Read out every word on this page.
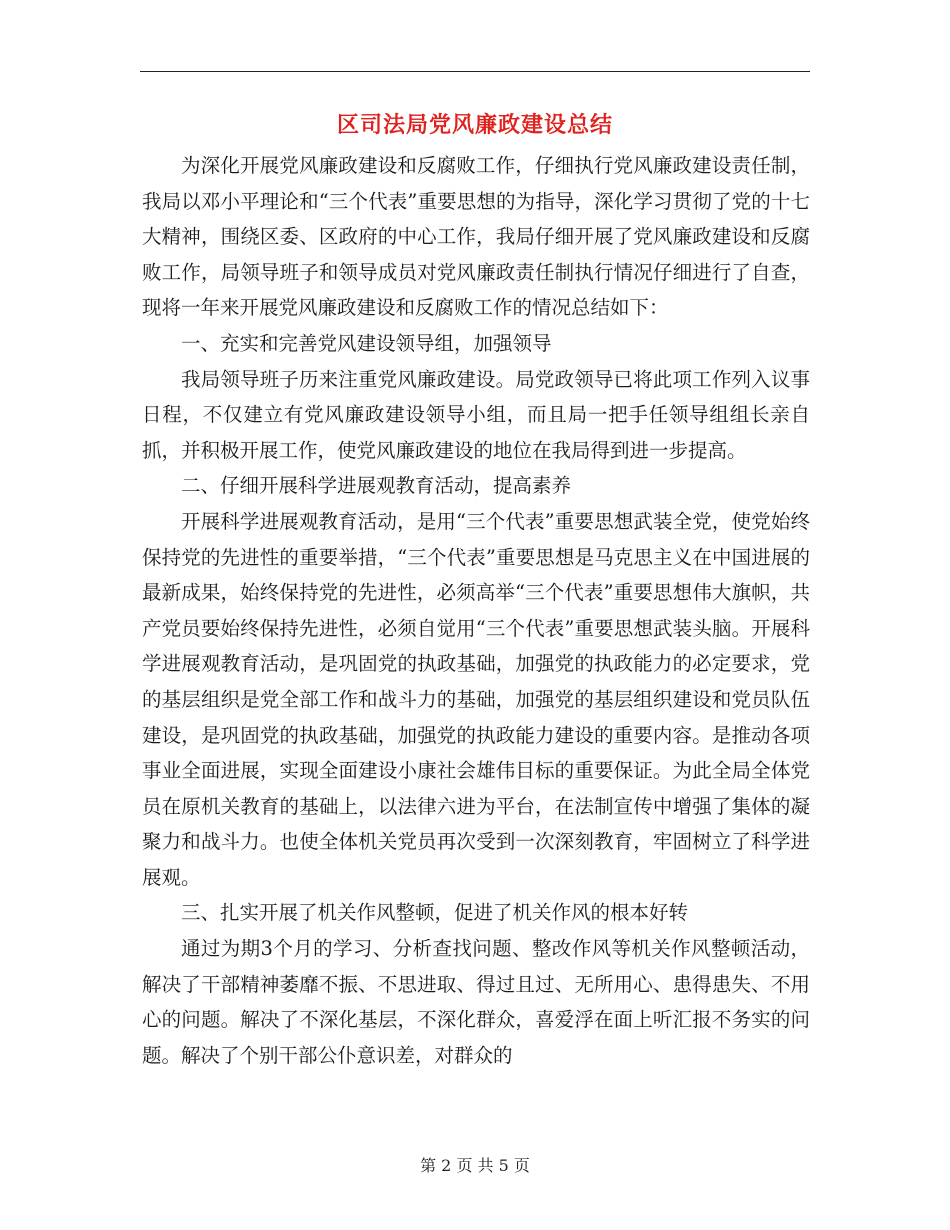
区司法局党风廉政建设总结

为深化开展党风廉政建设和反腐败工作，仔细执行党风廉政建设责任制，我局以邓小平理论和“三个代表”重要思想的为指导，深化学习贯彻了党的十七大精神，围绕区委、区政府的中心工作，我局仔细开展了党风廉政建设和反腐败工作，局领导班子和领导成员对党风廉政责任制执行情况仔细进行了自查，现将一年来开展党风廉政建设和反腐败工作的情况总结如下：

一、充实和完善党风建设领导组，加强领导

我局领导班子历来注重党风廉政建设。局党政领导已将此项工作列入议事日程，不仅建立有党风廉政建设领导小组，而且局一把手任领导组组长亲自抓，并积极开展工作，使党风廉政建设的地位在我局得到进一步提高。

二、仔细开展科学进展观教育活动，提高素养

开展科学进展观教育活动，是用“三个代表”重要思想武装全党，使党始终保持党的先进性的重要举措，“三个代表”重要思想是马克思主义在中国进展的最新成果，始终保持党的先进性，必须高举“三个代表”重要思想伟大旗帜，共产党员要始终保持先进性，必须自觉用“三个代表”重要思想武装头脑。开展科学进展观教育活动，是巩固党的执政基础，加强党的执政能力的必定要求，党的基层组织是党全部工作和战斗力的基础，加强党的基层组织建设和党员队伍建设，是巩固党的执政基础，加强党的执政能力建设的重要内容。是推动各项事业全面进展，实现全面建设小康社会雄伟目标的重要保证。为此全局全体党员在原机关教育的基础上，以法律六进为平台，在法制宣传中增强了集体的凝聚力和战斗力。也使全体机关党员再次受到一次深刻教育，牢固树立了科学进展观。

三、扎实开展了机关作风整顿，促进了机关作风的根本好转

通过为期3个月的学习、分析查找问题、整改作风等机关作风整顿活动，解决了干部精神萎靡不振、不思进取、得过且过、无所用心、患得患失、不用心的问题。解决了不深化基层，不深化群众，喜爱浮在面上听汇报不务实的问题。解决了个别干部公仆意识差，对群众的

第 2 页 共 5 页
